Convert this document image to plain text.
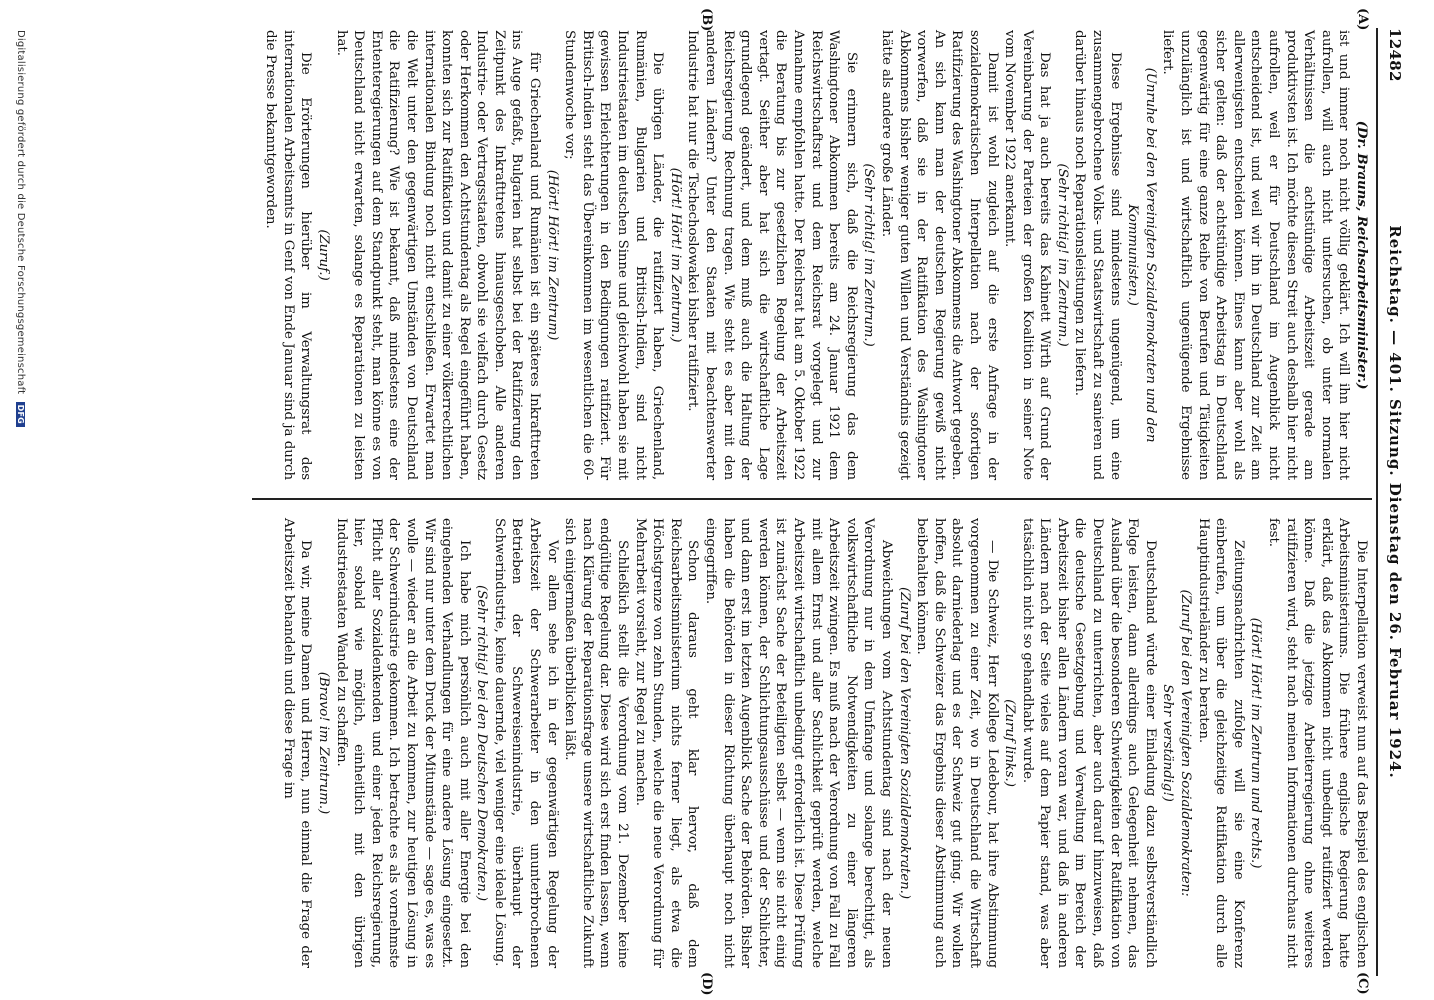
12482
Reichstag. — 401. Sitzung. Dienstag den 26. Februar 1924.
(A)
(B)
(C)
(D)

(Dr. Brauns, Reichsarbeitsminister.)

ist und immer noch nicht völlig geklärt. Ich will ihn hier nicht aufrollen, will auch nicht untersuchen, ob unter normalen Verhältnissen die achtstündige Arbeitszeit gerade am produktivsten ist. Ich möchte diesen Streit auch deshalb hier nicht aufrollen, weil er für Deutschland im Augenblick nicht entscheidend ist, und weil wir ihn in Deutschland zur Zeit am allerwenigsten entscheiden können. Eines kann aber wohl als sicher gelten: daß der achtstündige Arbeitstag in Deutschland gegenwärtig für eine ganze Reihe von Berufen und Tätigkeiten unzulänglich ist und wirtschaftlich ungenügende Ergebnisse liefert.

(Unruhe bei den Vereinigten Sozialdemokraten und den Kommunisten.)

Diese Ergebnisse sind mindestens ungenügend, um eine zusammengebrochene Volks- und Staatswirtschaft zu sanieren und darüber hinaus noch Reparationsleistungen zu liefern.

(Sehr richtig! im Zentrum.)

Das hat ja auch bereits das Kabinett Wirth auf Grund der Vereinbarung der Parteien der großen Koalition in seiner Note vom November 1922 anerkannt.

Damit ist wohl zugleich auf die erste Anfrage in der sozialdemokratischen Interpellation nach der sofortigen Ratifizierung des Washingtoner Abkommens die Antwort gegeben. An sich kann man der deutschen Regierung gewiß nicht vorwerfen, daß sie in der Ratifikation des Washingtoner Abkommens bisher weniger guten Willen und Verständnis gezeigt hätte als andere große Länder.

(Sehr richtig! im Zentrum.)

Sie erinnern sich, daß die Reichsregierung das dem Washingtoner Abkommen bereits am 24. Januar 1921 dem Reichswirtschaftsrat und dem Reichsrat vorgelegt und zur Annahme empfohlen hatte. Der Reichsrat hat am 5. Oktober 1922 die Beratung bis zur gesetzlichen Regelung der Arbeitszeit vertagt. Seither aber hat sich die wirtschaftliche Lage grundlegend geändert, und dem muß auch die Haltung der Reichsregierung Rechnung tragen. Wie steht es aber mit den anderen Ländern? Unter den Staaten mit beachtenswerter Industrie hat nur die Tschechoslowakei bisher ratifiziert.

(Hört! Hört! im Zentrum.)

Die übrigen Länder, die ratifiziert haben, Griechenland, Rumänien, Bulgarien und Britisch-Indien, sind nicht Industriestaaten im deutschen Sinne und gleichwohl haben sie mit gewissen Erleichterungen in den Bedingungen ratifiziert. Für Britisch-Indien steht das Übereinkommen im wesentlichen die 60-Stundenwoche vor;

(Hört! Hört! im Zentrum)

für Griechenland und Rumänien ist ein späteres Inkrafttreten ins Auge gefaßt, Bulgarien hat selbst bei der Ratifizierung den Zeitpunkt des Inkrafttretens hinausgeschoben. Alle anderen Industrie- oder Vertragsstaaten, obwohl sie vielfach durch Gesetz oder Herkommen den Achtstundentag als Regel eingeführt haben, konnten sich zur Ratifikation und damit zu einer völkerrechtlichen internationalen Bindung noch nicht entschließen. Erwartet man die Welt unter den gegenwärtigen Umständen von Deutschland die Ratifizierung? Wie ist bekannt, daß mindestens eine der Ententeregierungen auf dem Standpunkt steht, man könne es von Deutschland nicht erwarten, solange es Reparationen zu leisten hat.

(Zuruf.)

Die Erörterungen hierüber im Verwaltungsrat des internationalen Arbeitsamts in Genf von Ende Januar sind ja durch die Presse bekanntgeworden.

Die Interpellation verweist nun auf das Beispiel des englischen Arbeitsministeriums. Die frühere englische Regierung hatte erklärt, daß das Abkommen nicht unbedingt ratifiziert werden könne. Daß die jetzige Arbeiterregierung ohne weiteres ratifizieren wird, steht nach meinen Informationen durchaus nicht fest.

(Hört! Hört! im Zentrum und rechts.)

Zeitungsnachrichten zufolge will sie eine Konferenz einberufen, um über die gleichzeitige Ratifikation durch alle Hauptindustrieländer zu beraten.

(Zuruf bei den Vereinigten Sozialdemokraten:

Sehr verständig!)

Deutschland würde einer Einladung dazu selbstverständlich Folge leisten, dann allerdings auch Gelegenheit nehmen, das Ausland über die besonderen Schwierigkeiten der Ratifikation von Deutschland zu unterrichten, aber auch darauf hinzuweisen, daß die deutsche Gesetzgebung und Verwaltung im Bereich der Arbeitszeit bisher allen Ländern voran war, und daß in anderen Ländern nach der Seite vieles auf dem Papier stand, was aber tatsächlich nicht so gehandhabt wurde.

(Zuruf links.)

— Die Schweiz, Herr Kollege Ledebour, hat ihre Abstimmung vorgenommen zu einer Zeit, wo in Deutschland die Wirtschaft absolut darniederlag und es der Schweiz gut ging. Wir wollen hoffen, daß die Schweizer das Ergebnis dieser Abstimmung auch beibehalten können.

(Zuruf bei den Vereinigten Sozialdemokraten.)

Abweichungen vom Achtstundentag sind nach der neuen Verordnung nur in dem Umfange und solange berechtigt, als volkswirtschaftliche Notwendigkeiten zu einer längeren Arbeitszeit zwingen. Es muß nach der Verordnung von Fall zu Fall mit allem Ernst und aller Sachlichkeit geprüft werden, welche Arbeitszeit wirtschaftlich unbedingt erforderlich ist. Diese Prüfung ist zunächst Sache der Beteiligten selbst — wenn sie nicht einig werden können, der Schlichtungsausschüsse und der Schlichter, und dann erst im letzten Augenblick Sache der Behörden. Bisher haben die Behörden in dieser Richtung überhaupt noch nicht eingegriffen.

Schon daraus geht klar hervor, daß dem Reichsarbeitsministerium nichts ferner liegt, als etwa die Höchstgrenze von zehn Stunden, welche die neue Verordnung für Mehrarbeit vorsieht, zur Regel zu machen.

Schließlich stellt die Verordnung vom 21. Dezember keine endgültige Regelung dar. Diese wird sich erst finden lassen, wenn nach Klärung der Reparationsfrage unsere wirtschaftliche Zukunft sich einigermaßen überblicken läßt.

Vor allem sehe ich in der gegenwärtigen Regelung der Arbeitszeit der Schwerarbeiter in den ununterbrochenen Betrieben der Schwereisenindustrie, überhaupt der Schwerindustrie, keine dauernde, viel weniger eine ideale Lösung.

(Sehr richtig! bei den Deutschen Demokraten.)

Ich habe mich persönlich auch mit aller Energie bei den eingehenden Verhandlungen für eine andere Lösung eingesetzt. Wir sind nur unter dem Druck der Mitumstände — sage es, was es wolle — wieder an die Arbeit zu kommen, zur heutigen Lösung in der Schwerindustrie gekommen. Ich betrachte es als vornehmste Pflicht aller Sozialdenkenden und einer jeden Reichsregierung, hier, sobald wie möglich, einheitlich mit den übrigen Industriestaaten Wandel zu schaffen.

(Bravo! im Zentrum.)

Da wir, meine Damen und Herren, nun einmal die Frage der Arbeitszeit behandeln und diese Frage im

Digitalisierung gefördert durch die Deutsche Forschungsgemeinschaft DFG
